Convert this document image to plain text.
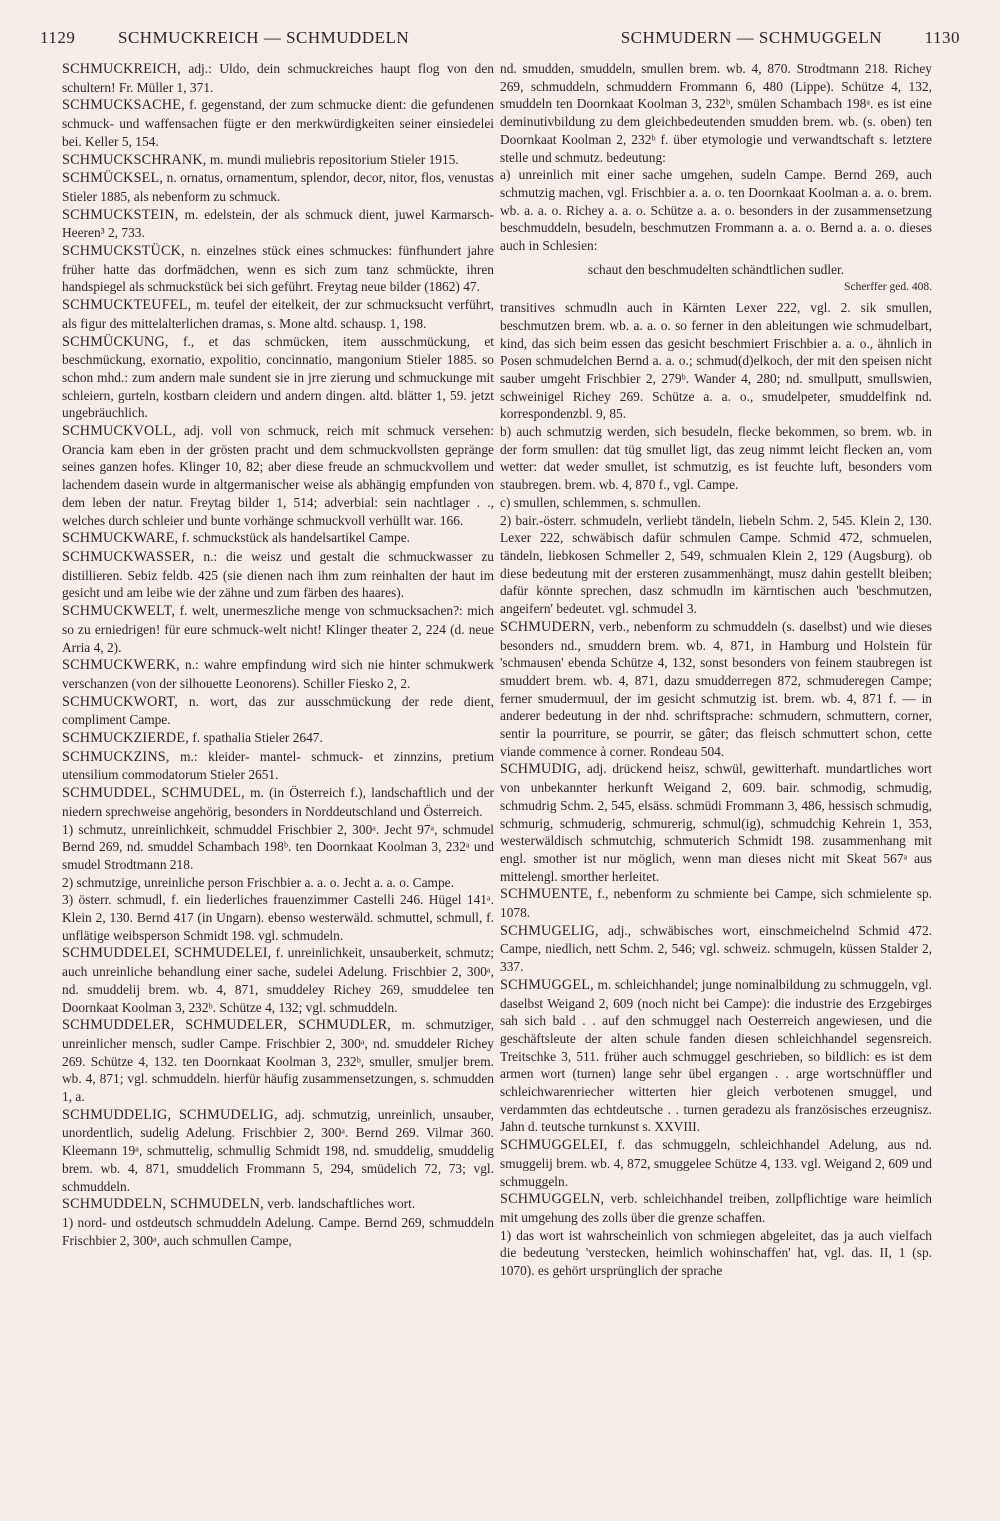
1129	SCHMUCKREICH — SCHMUDDELN	SCHMUDERN — SCHMUGGELN	1130

SCHMUCKREICH, adj.: Uldo, dein schmuckreiches haupt flog von den schultern! Fr. Müller 1, 371.

SCHMUCKSACHE, f. gegenstand, der zum schmucke dient: die gefundenen schmuck- und waffensachen fügte er den merkwürdigkeiten seiner einsiedelei bei. Keller 5, 154.

SCHMUCKSCHRANK, m. mundi muliebris repositorium Stieler 1915.

SCHMÜCKSEL, n. ornatus, ornamentum, splendor, decor, nitor, flos, venustas Stieler 1885, als nebenform zu schmuck.

SCHMUCKSTEIN, m. edelstein, der als schmuck dient, juwel Karmarsch-Heeren³ 2, 733.

SCHMUCKSTÜCK, n. einzelnes stück eines schmuckes: fünfhundert jahre früher hatte das dorfmädchen, wenn es sich zum tanz schmückte, ihren handspiegel als schmuckstück bei sich geführt. Freytag neue bilder (1862) 47.

SCHMUCKTEUFEL, m. teufel der eitelkeit, der zur schmucksucht verführt, als figur des mittelalterlichen dramas, s. Mone altd. schausp. 1, 198.

SCHMÜCKUNG, f., et das schmücken, item ausschmückung, et beschmückung, exornatio, expolitio, concinnatio, mangonium Stieler 1885. so schon mhd.: zum andern male sundent sie in jrre zierung und schmuckunge mit schleiern, gurteln, kostbarn cleidern und andern dingen. altd. blätter 1, 59. jetzt ungebräuchlich.

SCHMUCKVOLL, adj. voll von schmuck, reich mit schmuck versehen: Orancia kam eben in der grösten pracht und dem schmuckvollsten gepränge seines ganzen hofes. Klinger 10, 82; aber diese freude an schmuckvollem und lachendem dasein wurde in altgermanischer weise als abhängig empfunden von dem leben der natur. Freytag bilder 1, 514; adverbial: sein nachtlager . ., welches durch schleier und bunte vorhänge schmuckvoll verhüllt war. 166.

SCHMUCKWARE, f. schmuckstück als handelsartikel Campe.

SCHMUCKWASSER, n.: die weisz und gestalt die schmuckwasser zu distillieren. Sebiz feldb. 425 (sie dienen nach ihm zum reinhalten der haut im gesicht und am leibe wie der zähne und zum färben des haares).

SCHMUCKWELT, f. welt, unermeszliche menge von schmucksachen?: mich so zu erniedrigen! für eure schmuck-welt nicht! Klinger theater 2, 224 (d. neue Arria 4, 2).

SCHMUCKWERK, n.: wahre empfindung wird sich nie hinter schmukwerk verschanzen (von der silhouette Leonorens). Schiller Fiesko 2, 2.

SCHMUCKWORT, n. wort, das zur ausschmückung der rede dient, compliment Campe.

SCHMUCKZIERDE, f. spathalia Stieler 2647.

SCHMUCKZINS, m.: kleider- mantel- schmuck- et zinnzins, pretium utensilium commodatorum Stieler 2651.

SCHMUDDEL, SCHMUDEL, m. (in Österreich f.), landschaftlich und der niedern sprechweise angehörig, besonders in Norddeutschland und Österreich.

1) schmutz, unreinlichkeit, schmuddel Frischbier 2, 300ᵃ. Jecht 97ᵃ, schmudel Bernd 269, nd. smuddel Schambach 198ᵇ. ten Doornkaat Koolman 3, 232ᵃ und smudel Strodtmann 218.

2) schmutzige, unreinliche person Frischbier a. a. o. Jecht a. a. o. Campe.

3) österr. schmudl, f. ein liederliches frauenzimmer Castelli 246. Hügel 141ᵃ. Klein 2, 130. Bernd 417 (in Ungarn). ebenso westerwäld. schmuttel, schmull, f. unflätige weibsperson Schmidt 198. vgl. schmudeln.

SCHMUDDELEI, SCHMUDELEI, f. unreinlichkeit, unsauberkeit, schmutz; auch unreinliche behandlung einer sache, sudelei Adelung. Frischbier 2, 300ᵃ, nd. smuddelij brem. wb. 4, 871, smuddeley Richey 269, smuddelee ten Doornkaat Koolman 3, 232ᵇ. Schütze 4, 132; vgl. schmuddeln.

SCHMUDDELER, SCHMUDELER, SCHMUDLER, m. schmutziger, unreinlicher mensch, sudler Campe. Frischbier 2, 300ᵃ, nd. smuddeler Richey 269. Schütze 4, 132. ten Doornkaat Koolman 3, 232ᵇ, smuller, smuljer brem. wb. 4, 871; vgl. schmuddeln. hierfür häufig zusammensetzungen, s. schmudden 1, a.

SCHMUDDELIG, SCHMUDELIG, adj. schmutzig, unreinlich, unsauber, unordentlich, sudelig Adelung. Frischbier 2, 300ᵃ. Bernd 269. Vilmar 360. Kleemann 19ᵃ, schmuttelig, schmullig Schmidt 198, nd. smuddelig, smuddelig brem. wb. 4, 871, smuddelich Frommann 5, 294, smüdelich 72, 73; vgl. schmuddeln.

SCHMUDDELN, SCHMUDELN, verb. landschaftliches wort.

1) nord- und ostdeutsch schmuddeln Adelung. Campe. Bernd 269, schmuddeln Frischbier 2, 300ᵃ, auch schmullen Campe,

nd. smudden, smuddeln, smullen brem. wb. 4, 870. Strodtmann 218. Richey 269, schmuddeln, schmuddern Frommann 6, 480 (Lippe). Schütze 4, 132, smuddeln ten Doornkaat Koolman 3, 232ᵇ, smülen Schambach 198ᵃ. es ist eine deminutivbildung zu dem gleichbedeutenden smudden brem. wb. (s. oben) ten Doornkaat Koolman 2, 232ᵇ f. über etymologie und verwandtschaft s. letztere stelle und schmutz. bedeutung:

a) unreinlich mit einer sache umgehen, sudeln Campe. Bernd 269, auch schmutzig machen, vgl. Frischbier a. a. o. ten Doornkaat Koolman a. a. o. brem. wb. a. a. o. Richey a. a. o. Schütze a. a. o. besonders in der zusammensetzung beschmuddeln, besudeln, beschmutzen Frommann a. a. o. Bernd a. a. o. dieses auch in Schlesien:

schaut den beschmudelten schändtlichen sudler.

Scherffer ged. 408.

transitives schmudln auch in Kärnten Lexer 222, vgl. 2. sik smullen, beschmutzen brem. wb. a. a. o. so ferner in den ableitungen wie schmudelbart, kind, das sich beim essen das gesicht beschmiert Frischbier a. a. o., ähnlich in Posen schmudelchen Bernd a. a. o.; schmud(d)elkoch, der mit den speisen nicht sauber umgeht Frischbier 2, 279ᵇ. Wander 4, 280; nd. smullputt, smullswien, schweinigel Richey 269. Schütze a. a. o., smudelpeter, smuddelfink nd. korrespondenzbl. 9, 85.

b) auch schmutzig werden, sich besudeln, flecke bekommen, so brem. wb. in der form smullen: dat tüg smullet ligt, das zeug nimmt leicht flecken an, vom wetter: dat weder smullet, ist schmutzig, es ist feuchte luft, besonders vom staubregen. brem. wb. 4, 870 f., vgl. Campe.

c) smullen, schlemmen, s. schmullen.

2) bair.-österr. schmudeln, verliebt tändeln, liebeln Schm. 2, 545. Klein 2, 130. Lexer 222, schwäbisch dafür schmulen Campe. Schmid 472, schmuelen, tändeln, liebkosen Schmeller 2, 549, schmualen Klein 2, 129 (Augsburg). ob diese bedeutung mit der ersteren zusammenhängt, musz dahin gestellt bleiben; dafür könnte sprechen, dasz schmudln im kärntischen auch 'beschmutzen, angeifern' bedeutet. vgl. schmudel 3.

SCHMUDERN, verb., nebenform zu schmuddeln (s. daselbst) und wie dieses besonders nd., smuddern brem. wb. 4, 871, in Hamburg und Holstein für 'schmausen' ebenda Schütze 4, 132, sonst besonders von feinem staubregen ist smuddert brem. wb. 4, 871, dazu smudderregen 872, schmuderegen Campe; ferner smudermuul, der im gesicht schmutzig ist. brem. wb. 4, 871 f. — in anderer bedeutung in der nhd. schriftsprache: schmudern, schmuttern, corner, sentir la pourriture, se pourrir, se gâter; das fleisch schmuttert schon, cette viande commence à corner. Rondeau 504.

SCHMUDIG, adj. drückend heisz, schwül, gewitterhaft. mundartliches wort von unbekannter herkunft Weigand 2, 609. bair. schmodig, schmudig, schmudrig Schm. 2, 545, elsäss. schmüdi Frommann 3, 486, hessisch schmudig, schmurig, schmuderig, schmurerig, schmul(ig), schmudchig Kehrein 1, 353, westerwäldisch schmutchig, schmuterich Schmidt 198. zusammenhang mit engl. smother ist nur möglich, wenn man dieses nicht mit Skeat 567ᵃ aus mittelengl. smorther herleitet.

SCHMUENTE, f., nebenform zu schmiente bei Campe, sich schmielente sp. 1078.

SCHMUGELIG, adj., schwäbisches wort, einschmeichelnd Schmid 472. Campe, niedlich, nett Schm. 2, 546; vgl. schweiz. schmugeln, küssen Stalder 2, 337.

SCHMUGGEL, m. schleichhandel; junge nominalbildung zu schmuggeln, vgl. daselbst Weigand 2, 609 (noch nicht bei Campe): die industrie des Erzgebirges sah sich bald . . auf den schmuggel nach Oesterreich angewiesen, und die geschäftsleute der alten schule fanden diesen schleichhandel segensreich. Treitschke 3, 511. früher auch schmuggel geschrieben, so bildlich: es ist dem armen wort (turnen) lange sehr übel ergangen . . arge wortschnüffler und schleichwarenriecher witterten hier gleich verbotenen smuggel, und verdammten das echtdeutsche . . turnen geradezu als französisches erzeugnisz. Jahn d. teutsche turnkunst s. XXVIII.

SCHMUGGELEI, f. das schmuggeln, schleichhandel Adelung, aus nd. smuggelij brem. wb. 4, 872, smuggelee Schütze 4, 133. vgl. Weigand 2, 609 und schmuggeln.

SCHMUGGELN, verb. schleichhandel treiben, zollpflichtige ware heimlich mit umgehung des zolls über die grenze schaffen.

1) das wort ist wahrscheinlich von schmiegen abgeleitet, das ja auch vielfach die bedeutung 'verstecken, heimlich wohinschaffen' hat, vgl. das. II, 1 (sp. 1070). es gehört ursprünglich der sprache
